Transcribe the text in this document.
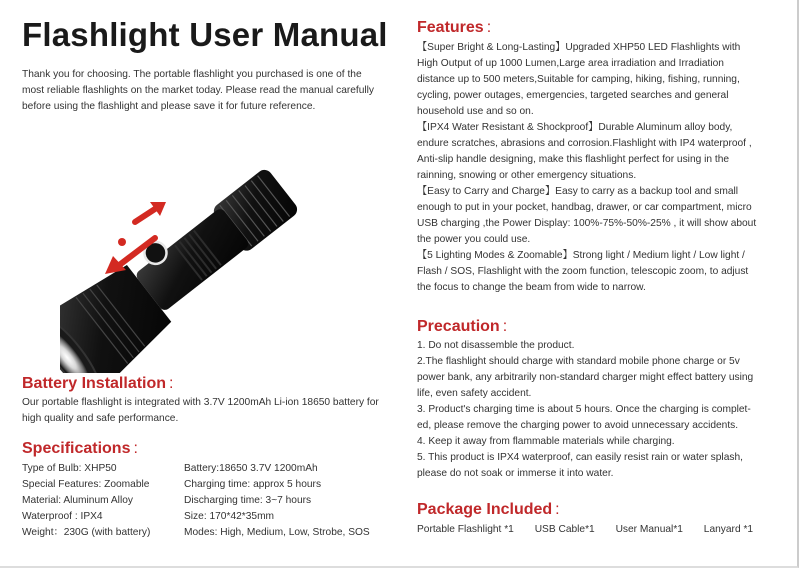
Flashlight User Manual
Thank you for choosing. The portable flashlight you purchased is one of the most reliable flashlights on the market today. Please read the manual carefully before using the flashlight and please save it for future reference.
Battery Installation :
Our portable flashlight is integrated with 3.7V 1200mAh Li-ion 18650 battery for high quality and safe performance.
Specifications :
Type of Bulb: XHP50
Special Features: Zoomable
Material: Aluminum Alloy
Waterproof : IPX4
Weight：230G (with battery)
Battery:18650 3.7V 1200mAh
Charging time: approx 5 hours
Discharging time: 3~7 hours
Size: 170*42*35mm
Modes: High, Medium, Low, Strobe, SOS
Features :
【Super Bright & Long-Lasting】Upgraded XHP50 LED Flashlights with
High Output of up 1000 Lumen,Large area irradiation and Irradiation
distance up to 500 meters,Suitable for camping, hiking, fishing, running,
cycling, power outages, emergencies, targeted searches and general
household use and so on.
【IPX4 Water Resistant & Shockproof】Durable Aluminum alloy body,
endure scratches, abrasions and corrosion.Flashlight with IP4 waterproof ,
Anti-slip handle designing, make this flashlight perfect for using in the
rainning, snowing or other emergency situations.
【Easy to Carry and Charge】Easy to carry as a backup tool and small
enough to put in your pocket, handbag, drawer, or car compartment, micro
USB charging ,the Power Display: 100%-75%-50%-25% , it will show about
the power you could use.
【5 Lighting Modes & Zoomable】Strong light / Medium light / Low light /
Flash / SOS, Flashlight with the zoom function, telescopic zoom, to adjust
the focus to change the beam from wide to narrow.
Precaution :
1. Do not disassemble the product.
2.The flashlight should charge with standard mobile phone charge or 5v
power bank, any arbitrarily non-standard charger might effect battery using
life, even safety accident.
3. Product's charging time is about 5 hours. Once the charging is complet-
ed, please remove the charging power to avoid unnecessary accidents.
4. Keep it away from flammable materials while charging.
5. This product is IPX4 waterproof, can easily resist rain or water splash,
please do not soak or immerse it into water.
Package Included :
Portable Flashlight *1 USB Cable*1 User Manual*1 Lanyard *1
